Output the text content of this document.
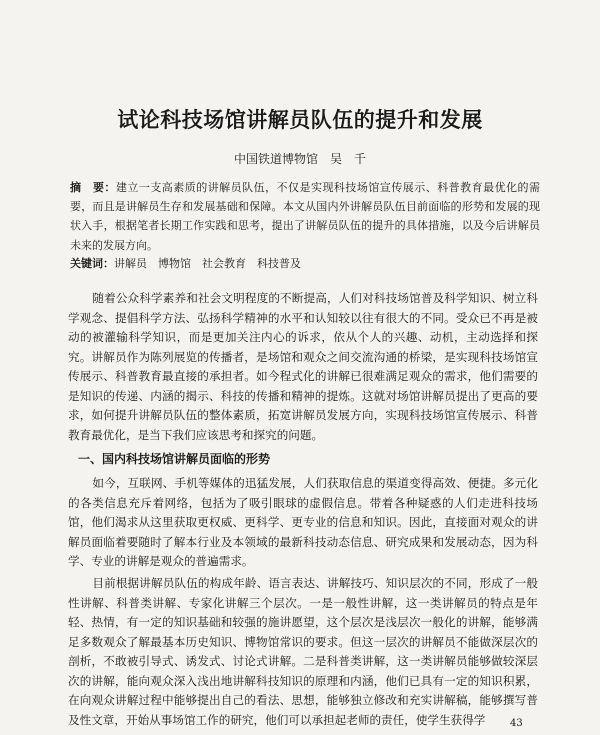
试论科技场馆讲解员队伍的提升和发展
中国铁道博物馆　吴　千
摘　要：建立一支高素质的讲解员队伍，不仅是实现科技场馆宣传展示、科普教育最优化的需要，而且是讲解员生存和发展基础和保障。本文从国内外讲解员队伍目前面临的形势和发展的现状入手，根据笔者长期工作实践和思考，提出了讲解员队伍的提升的具体措施，以及今后讲解员未来的发展方向。
关键词：讲解员　博物馆　社会教育　科技普及
随着公众科学素养和社会文明程度的不断提高，人们对科技场馆普及科学知识、树立科学观念、提倡科学方法、弘扬科学精神的水平和认知较以往有很大的不同。受众已不再是被动的被灌输科学知识，而是更加关注内心的诉求，依从个人的兴趣、动机，主动选择和探究。讲解员作为陈列展览的传播者，是场馆和观众之间交流沟通的桥梁，是实现科技场馆宣传展示、科普教育最直接的承担者。如今程式化的讲解已很难满足观众的需求，他们需要的是知识的传递、内涵的揭示、科技的传播和精神的提炼。这就对场馆讲解员提出了更高的要求，如何提升讲解员队伍的整体素质，拓宽讲解员发展方向，实现科技场馆宣传展示、科普教育最优化，是当下我们应该思考和探究的问题。
一、国内科技场馆讲解员面临的形势
如今，互联网、手机等媒体的迅猛发展，人们获取信息的渠道变得高效、便捷。多元化的各类信息充斥着网络，包括为了吸引眼球的虚假信息。带着各种疑惑的人们走进科技场馆，他们渴求从这里获取更权威、更科学、更专业的信息和知识。因此，直接面对观众的讲解员面临着要随时了解本行业及本领域的最新科技动态信息、研究成果和发展动态，因为科学、专业的讲解是观众的普遍需求。
目前根据讲解员队伍的构成年龄、语言表达、讲解技巧、知识层次的不同，形成了一般性讲解、科普类讲解、专家化讲解三个层次。一是一般性讲解，这一类讲解员的特点是年轻、热情，有一定的知识基础和较强的施讲愿望，这个层次是浅层次一般化的讲解，能够满足多数观众了解最基本历史知识、博物馆常识的要求。但这一层次的讲解员不能做深层次的剖析，不敢被引导式、诱发式、讨论式讲解。二是科普类讲解，这一类讲解员能够做较深层次的讲解，能向观众深入浅出地讲解科技知识的原理和内涵，他们已具有一定的知识积累，在向观众讲解过程中能够提出自己的看法、思想，能够独立修改和充实讲解稿，能够撰写普及性文章，开始从事场馆工作的研究，他们可以承担起老师的责任，使学生获得学	43
